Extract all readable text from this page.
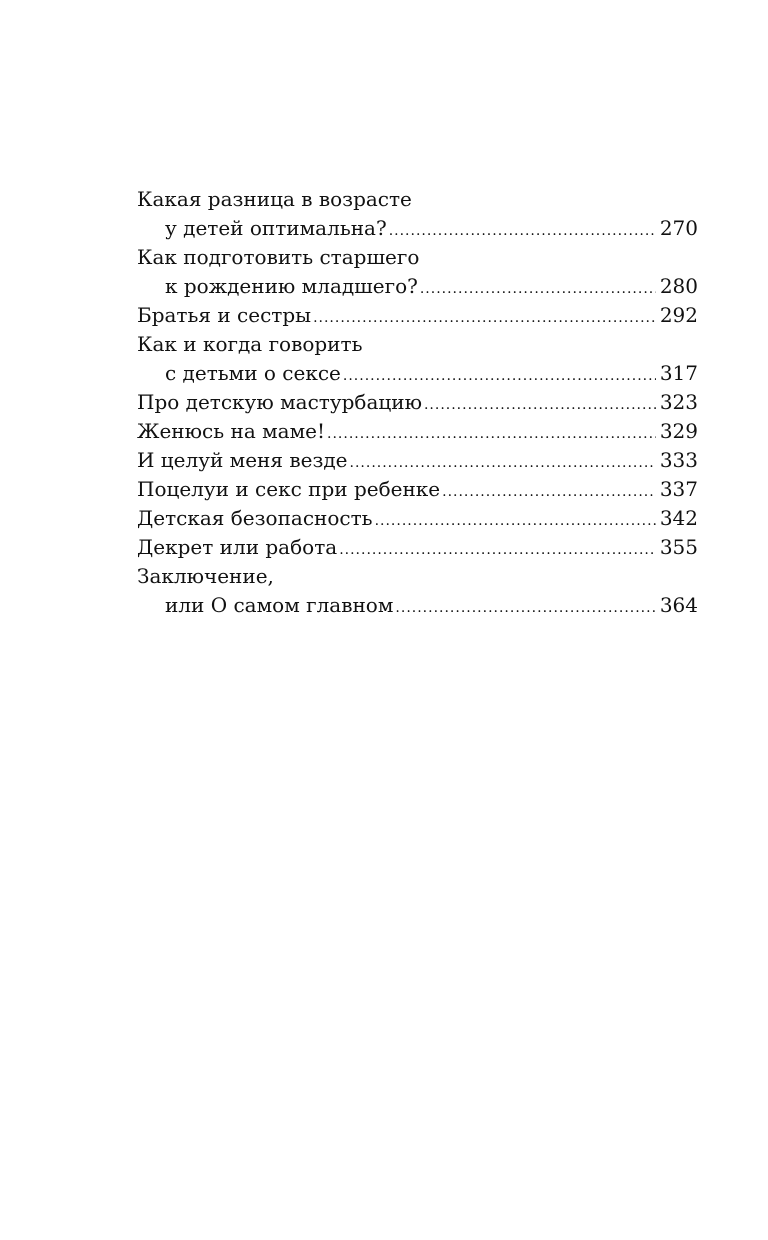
Какая разница в возрасте
у детей оптимальна? .....	270
Как подготовить старшего
к рождению младшего? .....	280
Братья и сестры .....	292
Как и когда говорить
с детьми о сексе .....	317
Про детскую мастурбацию .....	323
Женюсь на маме! .....	329
И целуй меня везде .....	333
Поцелуи и секс при ребенке .....	337
Детская безопасность .....	342
Декрет или работа .....	355
Заключение,
или О самом главном .....	364
